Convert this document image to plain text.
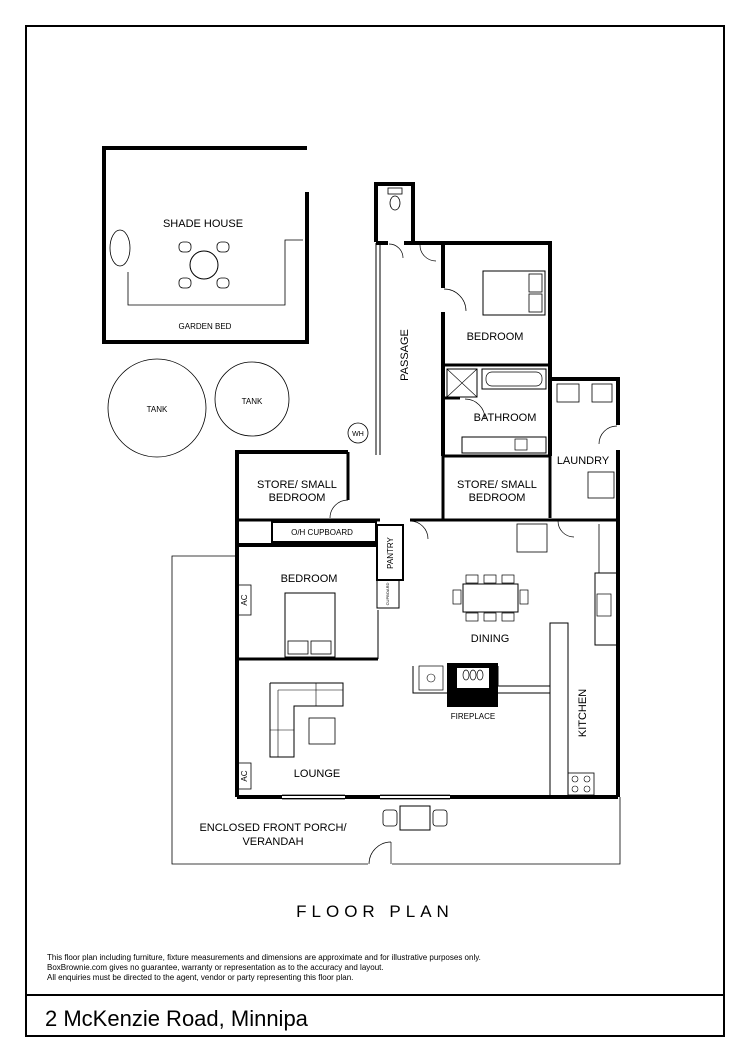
SHADE HOUSE
GARDEN BED
TANK
TANK
WH
PASSAGE	BEDROOM
BATHROOM
LAUNDRY
STORE/ SMALL
BEDROOM
STORE/ SMALL
BEDROOM
O/H CUPBOARD
PANTRY
CUPBOARD
BEDROOM
AC
AC
DINING
FIREPLACE	KITCHEN
LOUNGE
ENCLOSED FRONT PORCH/
VERANDAH
FLOOR PLAN
This floor plan including furniture, fixture measurements and dimensions are approximate and for illustrative purposes only.
BoxBrownie.com gives no guarantee, warranty or representation as to the accuracy and layout.
All enquiries must be directed to the agent, vendor or party representing this floor plan.
2 McKenzie Road, Minnipa
